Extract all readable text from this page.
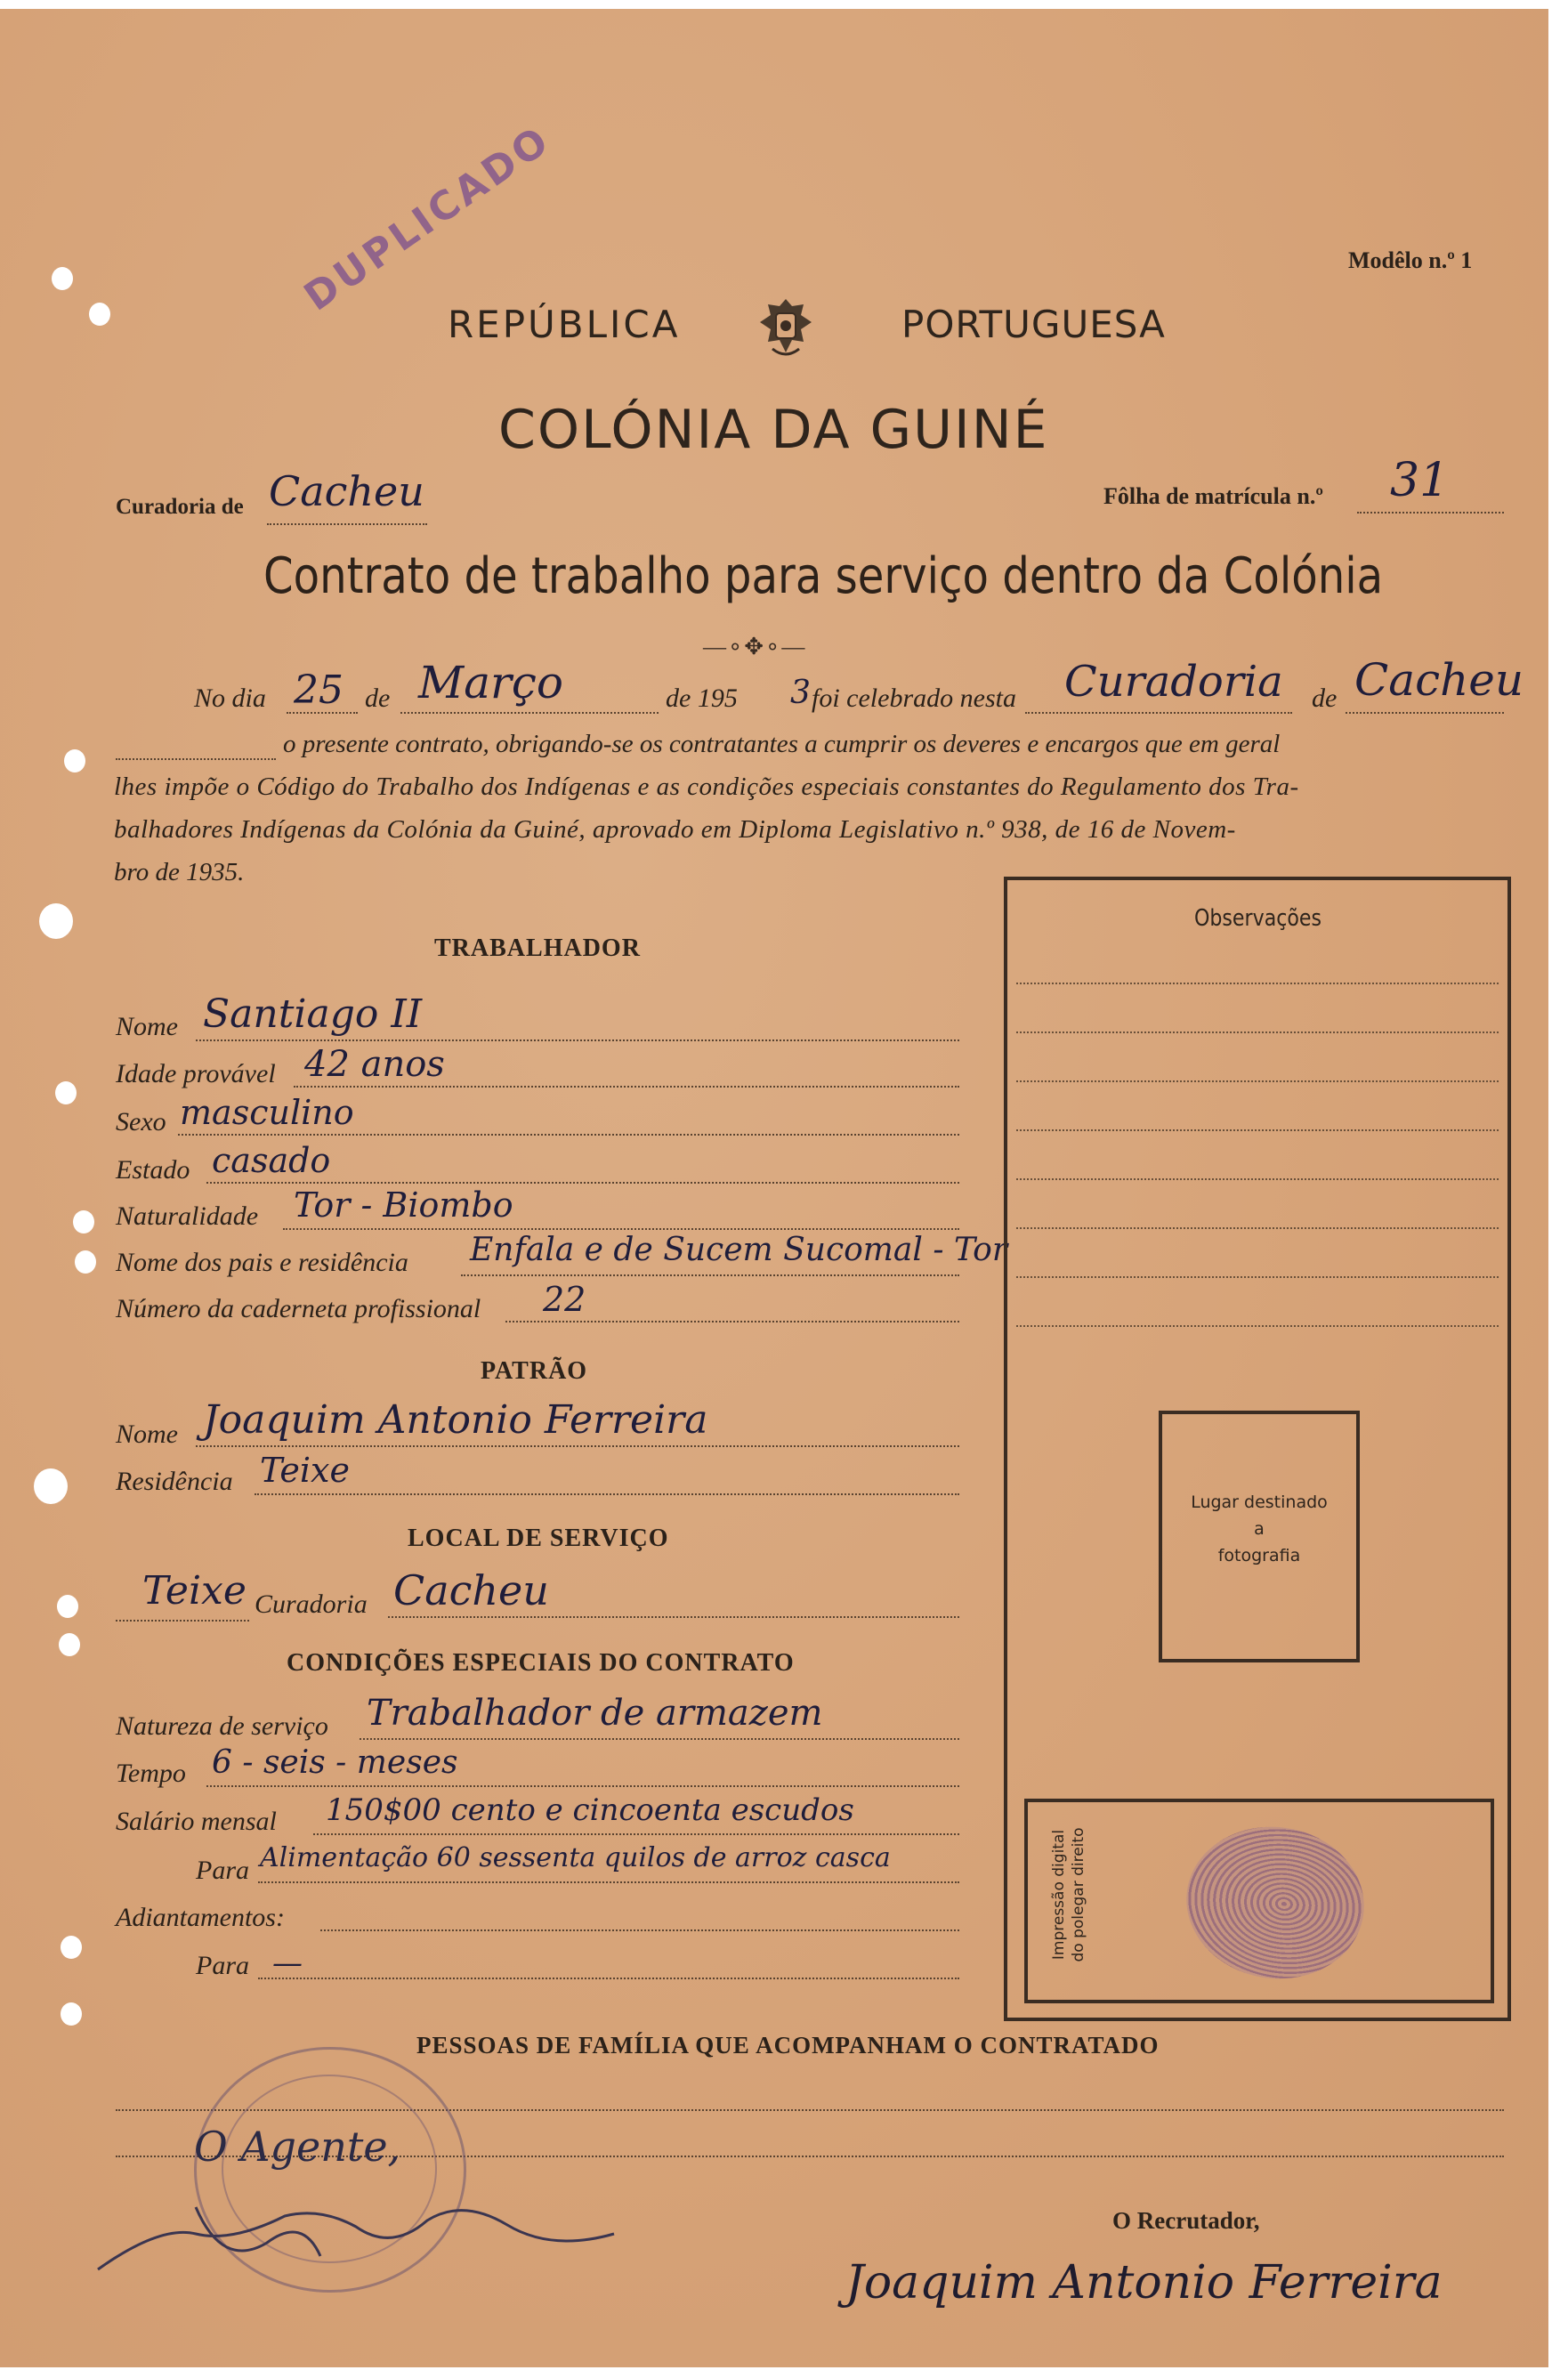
DUPLICADO	Modêlo n.º 1
REPÚBLICA	PORTUGUESA
COLÓNIA DA GUINÉ
Curadoria de Cacheu	Fôlha de matrícula n.º 31
Contrato de trabalho para serviço dentro da Colónia
—∘✥∘—
No dia 25 de Março	de 195 3 foi celebrado nesta Curadoria de Cacheu
o presente contrato, obrigando-se os contratantes a cumprir os deveres e encargos que em geral
lhes impõe o Código do Trabalho dos Indígenas e as condições especiais constantes do Regulamento dos Tra-
balhadores Indígenas da Colónia da Guiné, aprovado em Diploma Legislativo n.º 938, de 16 de Novem-
bro de 1935.
TRABALHADOR
Nome Santiago II
Idade provável 42 anos
Sexo masculino
Estado casado
Naturalidade Tor - Biombo
Nome dos pais e residência Enfala e de Sucem Sucomal - Tor
Número da caderneta profissional 22
PATRÃO
Nome Joaquim Antonio Ferreira
Residência Teixe
LOCAL DE SERVIÇO
Teixe Curadoria Cacheu
CONDIÇÕES ESPECIAIS DO CONTRATO
Natureza de serviço Trabalhador de armazem
Tempo 6 - seis - meses
Salário mensal 150$00 cento e cincoenta escudos
Para Alimentação 60 sessenta quilos de arroz casca
Adiantamentos:
Para —
Observações
Lugar destinado
a
fotografia
Impressão digital do polegar direito
PESSOAS DE FAMÍLIA QUE ACOMPANHAM O CONTRATADO
O Agente,
O Recrutador,
Joaquim Antonio Ferreira
